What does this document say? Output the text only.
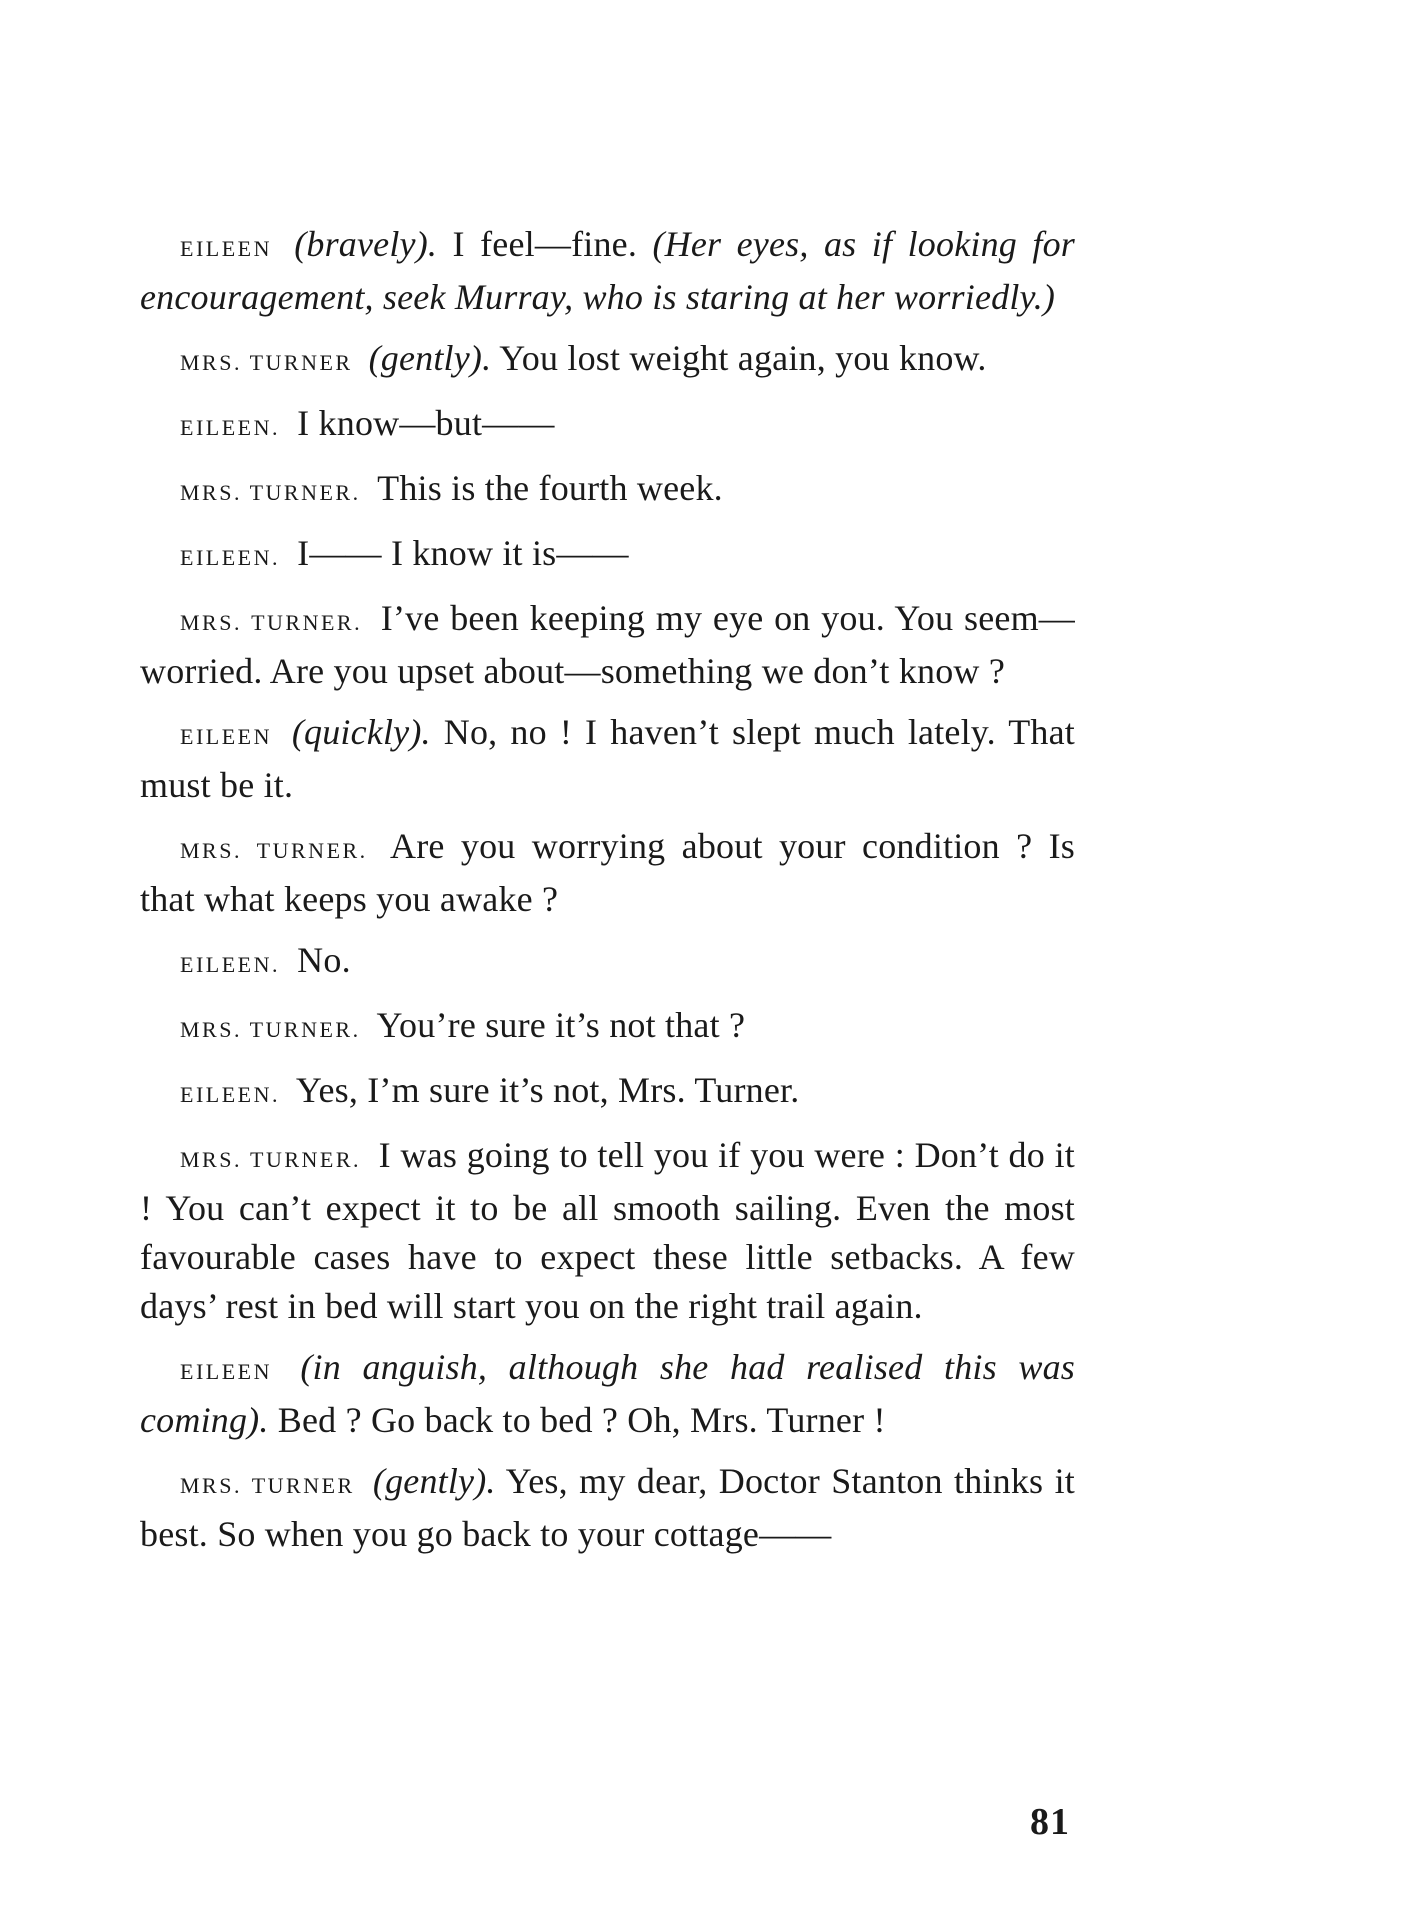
EILEEN (bravely). I feel—fine. (Her eyes, as if looking for encouragement, seek Murray, who is staring at her worriedly.)

MRS. TURNER (gently). You lost weight again, you know.

EILEEN. I know—but——

MRS. TURNER. This is the fourth week.

EILEEN. I—— I know it is——

MRS. TURNER. I’ve been keeping my eye on you. You seem—worried. Are you upset about—something we don’t know ?

EILEEN (quickly). No, no ! I haven’t slept much lately. That must be it.

MRS. TURNER. Are you worrying about your condition ? Is that what keeps you awake ?

EILEEN. No.

MRS. TURNER. You’re sure it’s not that ?

EILEEN. Yes, I’m sure it’s not, Mrs. Turner.

MRS. TURNER. I was going to tell you if you were : Don’t do it ! You can’t expect it to be all smooth sailing. Even the most favourable cases have to expect these little setbacks. A few days’ rest in bed will start you on the right trail again.

EILEEN (in anguish, although she had realised this was coming). Bed ? Go back to bed ? Oh, Mrs. Turner !

MRS. TURNER (gently). Yes, my dear, Doctor Stanton thinks it best. So when you go back to your cottage——

81
